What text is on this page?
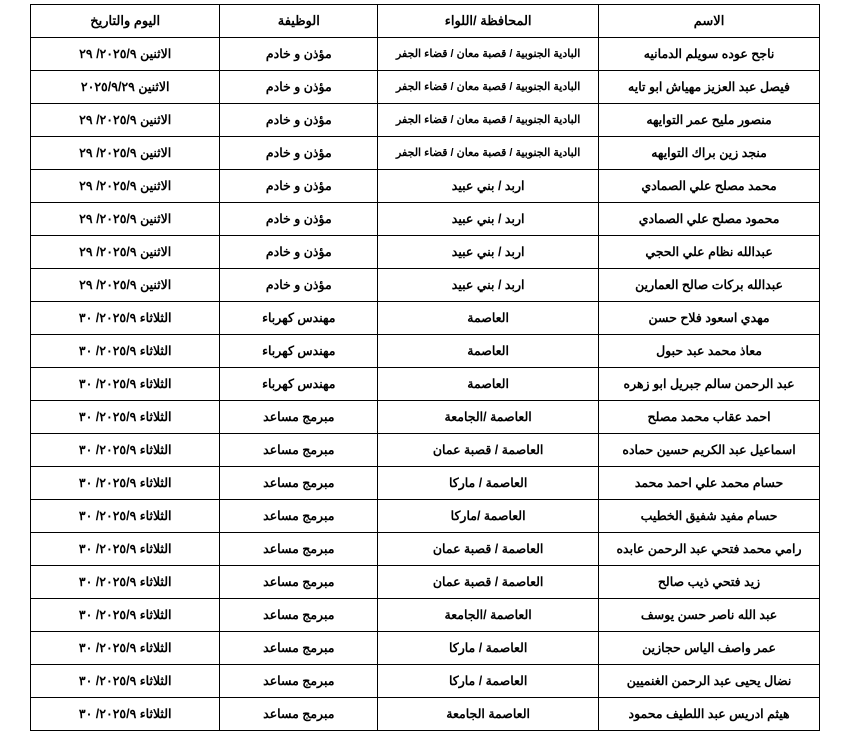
الاسم	المحافظة /اللواء	الوظيفة	اليوم والتاريخ
ناجح عوده سويلم الدمانيه	البادية الجنوبية / قصبة معان / قضاء الجفر	مؤذن و خادم	الاثنين ٢٠٢٥/٩/ ٢٩
فيصل عبد العزيز مهياش ابو تايه	البادية الجنوبية / قصبة معان / قضاء الجفر	مؤذن و خادم	الاثنين ٢٠٢٥/٩/٢٩
منصور مليح عمر التوايهه	البادية الجنوبية / قصبة معان / قضاء الجفر	مؤذن و خادم	الاثنين ٢٠٢٥/٩/ ٢٩
منجد زين براك التوايهه	البادية الجنوبية / قصبة معان / قضاء الجفر	مؤذن و خادم	الاثنين ٢٠٢٥/٩/ ٢٩
محمد مصلح علي الصمادي	اربد / بني عبيد	مؤذن و خادم	الاثنين ٢٠٢٥/٩/ ٢٩
محمود مصلح علي الصمادي	اربد / بني عبيد	مؤذن و خادم	الاثنين ٢٠٢٥/٩/ ٢٩
عبدالله نظام علي الحجي	اربد / بني عبيد	مؤذن و خادم	الاثنين ٢٠٢٥/٩/ ٢٩
عبدالله بركات صالح العمارين	اربد / بني عبيد	مؤذن و خادم	الاثنين ٢٠٢٥/٩/ ٢٩
مهدي اسعود فلاح حسن	العاصمة	مهندس كهرباء	الثلاثاء ٢٠٢٥/٩/ ٣٠
معاذ محمد عبد حبول	العاصمة	مهندس كهرباء	الثلاثاء ٢٠٢٥/٩/ ٣٠
عبد الرحمن سالم جبريل ابو زهره	العاصمة	مهندس كهرباء	الثلاثاء ٢٠٢٥/٩/ ٣٠
احمد عقاب محمد مصلح	العاصمة /الجامعة	مبرمج مساعد	الثلاثاء ٢٠٢٥/٩/ ٣٠
اسماعيل عبد الكريم حسين حماده	العاصمة / قصبة عمان	مبرمج مساعد	الثلاثاء ٢٠٢٥/٩/ ٣٠
حسام محمد علي احمد محمد	العاصمة / ماركا	مبرمج مساعد	الثلاثاء ٢٠٢٥/٩/ ٣٠
حسام مفيد شفيق الخطيب	العاصمة /ماركا	مبرمج مساعد	الثلاثاء ٢٠٢٥/٩/ ٣٠
رامي محمد فتحي عبد الرحمن عابده	العاصمة / قصبة عمان	مبرمج مساعد	الثلاثاء ٢٠٢٥/٩/ ٣٠
زيد فتحي ذيب صالح	العاصمة / قصبة عمان	مبرمج مساعد	الثلاثاء ٢٠٢٥/٩/ ٣٠
عبد الله ناصر حسن يوسف	العاصمة /الجامعة	مبرمج مساعد	الثلاثاء ٢٠٢٥/٩/ ٣٠
عمر واصف الياس حجازين	العاصمة / ماركا	مبرمج مساعد	الثلاثاء ٢٠٢٥/٩/ ٣٠
نضال يحيى عبد الرحمن الغنميين	العاصمة / ماركا	مبرمج مساعد	الثلاثاء ٢٠٢٥/٩/ ٣٠
هيثم ادريس عبد اللطيف محمود	العاصمة الجامعة	مبرمج مساعد	الثلاثاء ٢٠٢٥/٩/ ٣٠
